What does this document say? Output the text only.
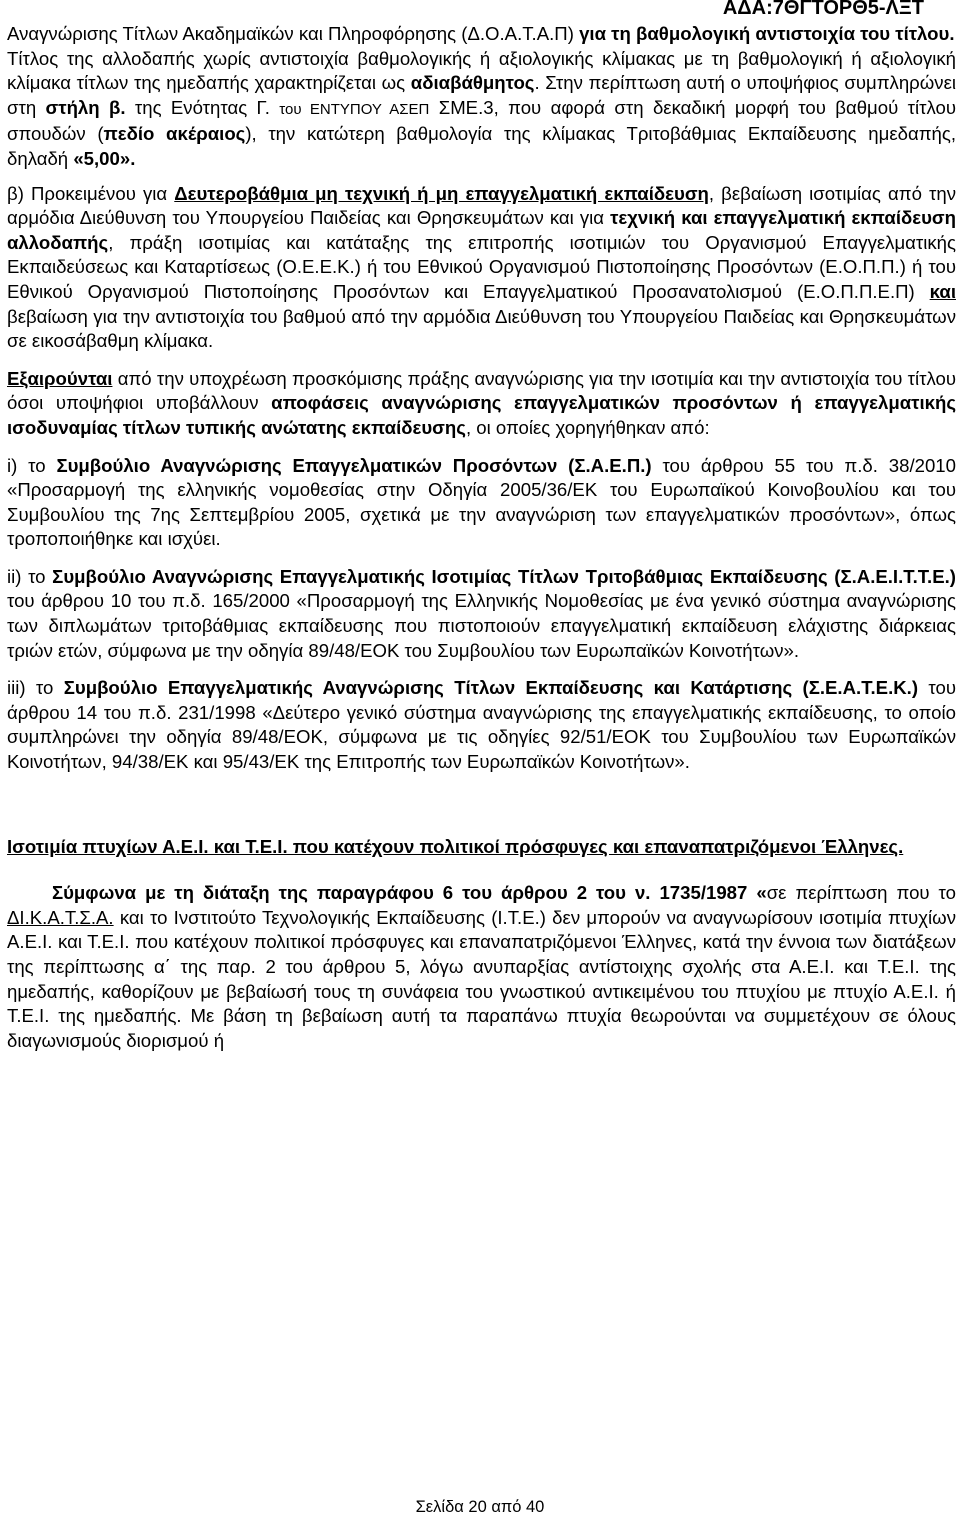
ΑΔΑ:7ΘΓΤΟΡΘ5-ΛΞΤ

Αναγνώρισης Τίτλων Ακαδημαϊκών και Πληροφόρησης (Δ.Ο.Α.Τ.Α.Π) για τη βαθμολογική αντιστοιχία του τίτλου.

Τίτλος της αλλοδαπής χωρίς αντιστοιχία βαθμολογικής ή αξιολογικής κλίμακας με τη βαθμολογική ή αξιολογική κλίμακα τίτλων της ημεδαπής χαρακτηρίζεται ως αδιαβάθμητος. Στην περίπτωση αυτή ο υποψήφιος συμπληρώνει στη στήλη β. της Ενότητας Γ. του ΕΝΤΥΠΟΥ ΑΣΕΠ ΣΜΕ.3, που αφορά στη δεκαδική μορφή του βαθμού τίτλου σπουδών (πεδίο ακέραιος), την κατώτερη βαθμολογία της κλίμακας Τριτοβάθμιας Εκπαίδευσης ημεδαπής, δηλαδή «5,00».

β) Προκειμένου για Δευτεροβάθμια μη τεχνική ή μη επαγγελματική εκπαίδευση, βεβαίωση ισοτιμίας από την αρμόδια Διεύθυνση του Υπουργείου Παιδείας και Θρησκευμάτων και για τεχνική και επαγγελματική εκπαίδευση αλλοδαπής, πράξη ισοτιμίας και κατάταξης της επιτροπής ισοτιμιών του Οργανισμού Επαγγελματικής Εκπαιδεύσεως και Καταρτίσεως (Ο.Ε.Ε.Κ.) ή του Εθνικού Οργανισμού Πιστοποίησης Προσόντων (Ε.Ο.Π.Π.) ή του Εθνικού Οργανισμού Πιστοποίησης Προσόντων και Επαγγελματικού Προσανατολισμού (Ε.Ο.Π.Π.Ε.Π) και βεβαίωση για την αντιστοιχία του βαθμού από την αρμόδια Διεύθυνση του Υπουργείου Παιδείας και Θρησκευμάτων σε εικοσάβαθμη κλίμακα.

Εξαιρούνται από την υποχρέωση προσκόμισης πράξης αναγνώρισης για την ισοτιμία και την αντιστοιχία του τίτλου όσοι υποψήφιοι υποβάλλουν αποφάσεις αναγνώρισης επαγγελματικών προσόντων ή επαγγελματικής ισοδυναμίας τίτλων τυπικής ανώτατης εκπαίδευσης, οι οποίες χορηγήθηκαν από:

i) το Συμβούλιο Αναγνώρισης Επαγγελματικών Προσόντων (Σ.Α.Ε.Π.) του άρθρου 55 του π.δ. 38/2010 «Προσαρμογή της ελληνικής νομοθεσίας στην Οδηγία 2005/36/ΕΚ του Ευρωπαϊκού Κοινοβουλίου και του Συμβουλίου της 7ης Σεπτεμβρίου 2005, σχετικά με την αναγνώριση των επαγγελματικών προσόντων», όπως τροποποιήθηκε και ισχύει.

ii) το Συμβούλιο Αναγνώρισης Επαγγελματικής Ισοτιμίας Τίτλων Τριτοβάθμιας Εκπαίδευσης (Σ.Α.Ε.Ι.Τ.Τ.Ε.) του άρθρου 10 του π.δ. 165/2000 «Προσαρμογή της Ελληνικής Νομοθεσίας με ένα γενικό σύστημα αναγνώρισης των διπλωμάτων τριτοβάθμιας εκπαίδευσης που πιστοποιούν επαγγελματική εκπαίδευση ελάχιστης διάρκειας τριών ετών, σύμφωνα με την οδηγία 89/48/ΕΟΚ του Συμβουλίου των Ευρωπαϊκών Κοινοτήτων».

iii) το Συμβούλιο Επαγγελματικής Αναγνώρισης Τίτλων Εκπαίδευσης και Κατάρτισης (Σ.Ε.Α.Τ.Ε.Κ.) του άρθρου 14 του π.δ. 231/1998 «Δεύτερο γενικό σύστημα αναγνώρισης της επαγγελματικής εκπαίδευσης, το οποίο συμπληρώνει την οδηγία 89/48/ΕΟΚ, σύμφωνα με τις οδηγίες 92/51/ΕΟΚ του Συμβουλίου των Ευρωπαϊκών Κοινοτήτων, 94/38/ΕΚ και 95/43/ΕΚ της Επιτροπής των Ευρωπαϊκών Κοινοτήτων».

Ισοτιμία πτυχίων Α.Ε.Ι. και Τ.Ε.Ι. που κατέχουν πολιτικοί πρόσφυγες και επαναπατριζόμενοι Έλληνες.

Σύμφωνα με τη διάταξη της παραγράφου 6 του άρθρου 2 του ν. 1735/1987 «σε περίπτωση που το ΔΙ.Κ.Α.Τ.Σ.Α. και το Ινστιτούτο Τεχνολογικής Εκπαίδευσης (Ι.Τ.Ε.) δεν μπορούν να αναγνωρίσουν ισοτιμία πτυχίων Α.Ε.Ι. και Τ.Ε.Ι. που κατέχουν πολιτικοί πρόσφυγες και επαναπατριζόμενοι Έλληνες, κατά την έννοια των διατάξεων της περίπτωσης α΄ της παρ. 2 του άρθρου 5, λόγω ανυπαρξίας αντίστοιχης σχολής στα Α.Ε.Ι. και Τ.Ε.Ι. της ημεδαπής, καθορίζουν με βεβαίωσή τους τη συνάφεια του γνωστικού αντικειμένου του πτυχίου με πτυχίο Α.Ε.Ι. ή Τ.Ε.Ι. της ημεδαπής. Με βάση τη βεβαίωση αυτή τα παραπάνω πτυχία θεωρούνται να συμμετέχουν σε όλους διαγωνισμούς διορισμού ή

Σελίδα 20 από 40
